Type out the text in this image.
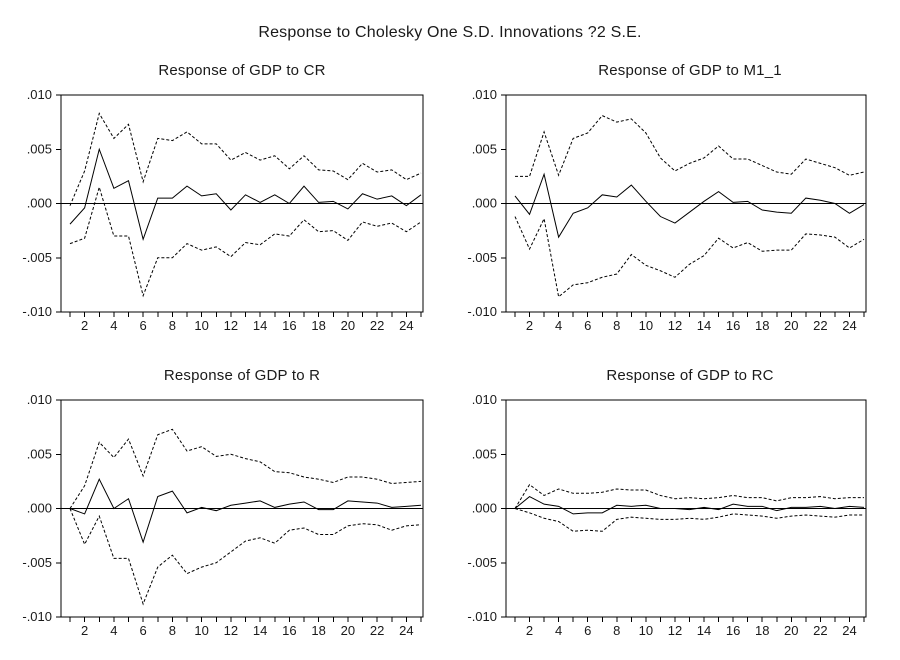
Response to Cholesky One S.D. Innovations ?2 S.E.
Response of GDP to CR
.010
.005
.000
-.005
-.010
2 4 6 8 10 12 14 16 18 20 22 24
Response of GDP to M1_1
.010
.005
.000
-.005
-.010
2 4 6 8 10 12 14 16 18 20 22 24
Response of GDP to R
.010
.005
.000
-.005
-.010
2 4 6 8 10 12 14 16 18 20 22 24
Response of GDP to RC
.010
.005
.000
-.005
-.010
2 4 6 8 10 12 14 16 18 20 22 24
